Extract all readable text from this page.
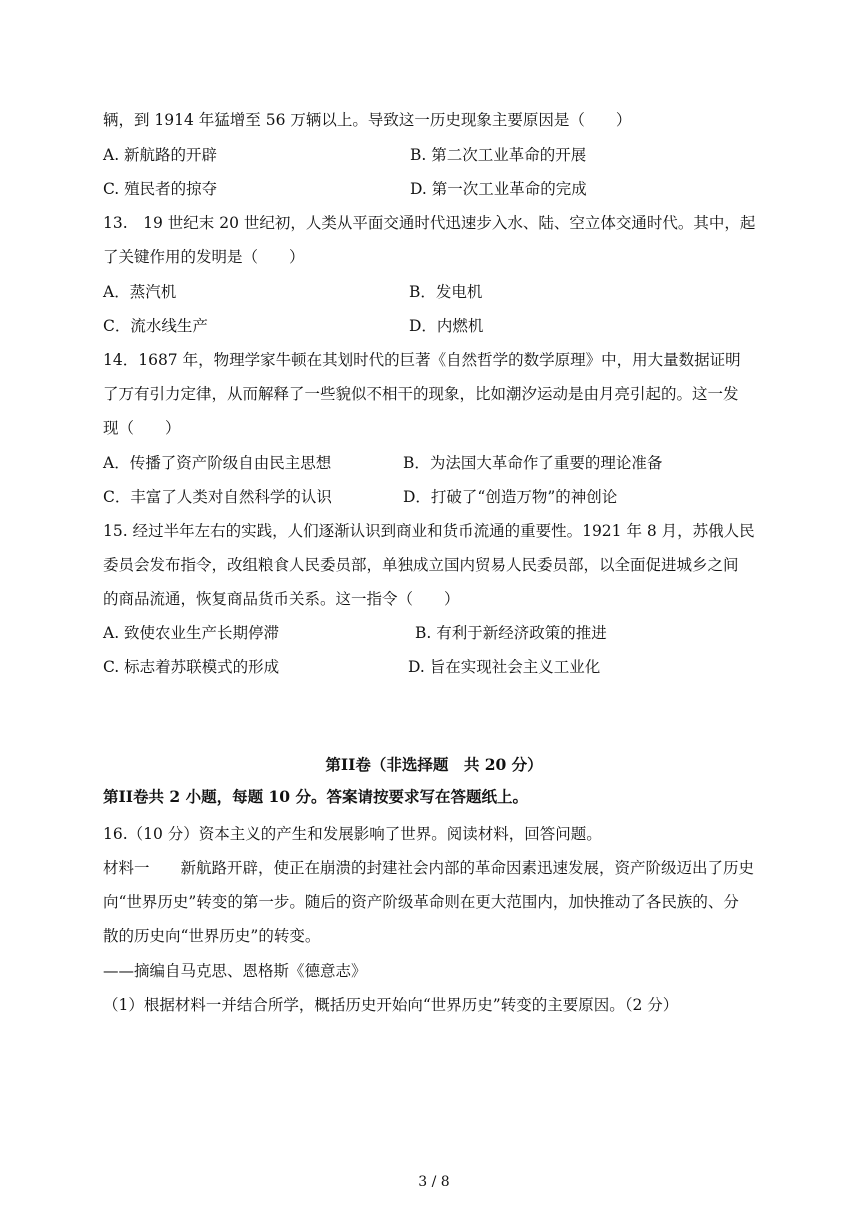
辆，到 1914 年猛增至 56 万辆以上。导致这一历史现象主要原因是（　　）
A. 新航路的开辟	B. 第二次工业革命的开展
C. 殖民者的掠夺	D. 第一次工业革命的完成
13.　19 世纪末 20 世纪初，人类从平面交通时代迅速步入水、陆、空立体交通时代。其中，起
了关键作用的发明是（　　）
A．蒸汽机	B．发电机
C．流水线生产	D．内燃机
14．1687 年，物理学家牛顿在其划时代的巨著《自然哲学的数学原理》中，用大量数据证明
了万有引力定律，从而解释了一些貌似不相干的现象，比如潮汐运动是由月亮引起的。这一发
现（　　）
A．传播了资产阶级自由民主思想	B．为法国大革命作了重要的理论准备
C．丰富了人类对自然科学的认识	D．打破了“创造万物”的神创论
15. 经过半年左右的实践，人们逐渐认识到商业和货币流通的重要性。1921 年 8 月，苏俄人民
委员会发布指令，改组粮食人民委员部，单独成立国内贸易人民委员部，以全面促进城乡之间
的商品流通，恢复商品货币关系。这一指令（　　）
A. 致使农业生产长期停滞	B. 有利于新经济政策的推进
C. 标志着苏联模式的形成	D. 旨在实现社会主义工业化
第II卷（非选择题　共 20 分）
第II卷共 2 小题，每题 10 分。答案请按要求写在答题纸上。
16.（10 分）资本主义的产生和发展影响了世界。阅读材料，回答问题。
材料一　　新航路开辟，使正在崩溃的封建社会内部的革命因素迅速发展，资产阶级迈出了历史
向“世界历史”转变的第一步。随后的资产阶级革命则在更大范围内，加快推动了各民族的、分
散的历史向“世界历史”的转变。
——摘编自马克思、恩格斯《德意志》
（1）根据材料一并结合所学，概括历史开始向“世界历史”转变的主要原因。（2 分）
3 / 8
